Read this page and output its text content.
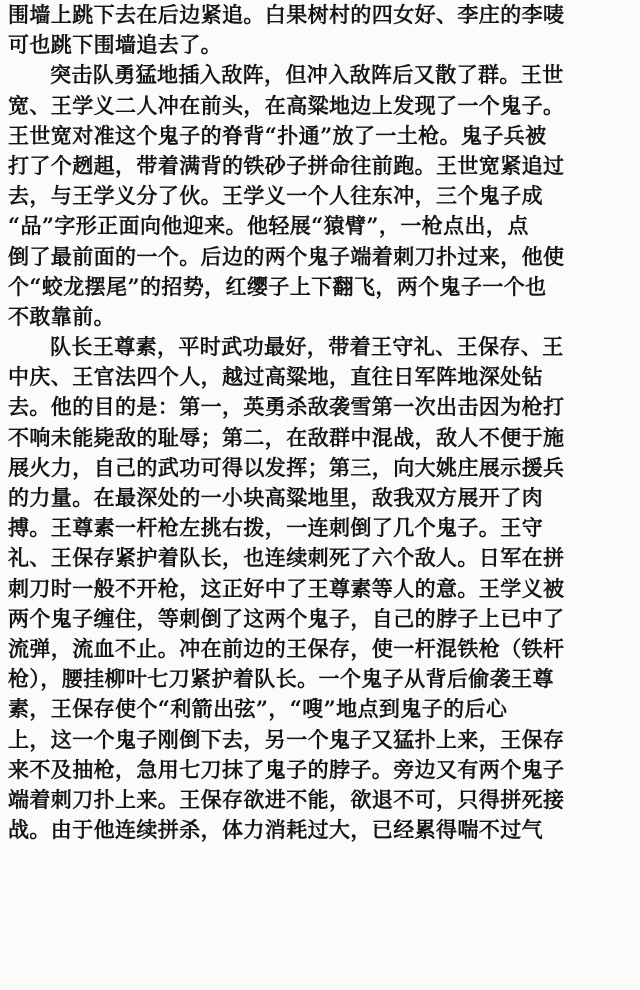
围墙上跳下去在后边紧追。白果树村的四女好、李庄的李唛
可也跳下围墙追去了。
突击队勇猛地插入敌阵，但冲入敌阵后又散了群。王世
宽、王学义二人冲在前头，在高粱地边上发现了一个鬼子。
王世宽对准这个鬼子的脊背“扑通”放了一土枪。鬼子兵被
打了个趔趄，带着满背的铁砂子拼命往前跑。王世宽紧追过
去，与王学义分了伙。王学义一个人往东冲，三个鬼子成
“品”字形正面向他迎来。他轻展“猿臂”，一枪点出，点
倒了最前面的一个。后边的两个鬼子端着刺刀扑过来，他使
个“蛟龙摆尾”的招势，红缨子上下翻飞，两个鬼子一个也
不敢靠前。
队长王尊素，平时武功最好，带着王守礼、王保存、王
中庆、王官法四个人，越过高粱地，直往日军阵地深处钻
去。他的目的是：第一，英勇杀敌袭雪第一次出击因为枪打
不响未能毙敌的耻辱；第二，在敌群中混战，敌人不便于施
展火力，自己的武功可得以发挥；第三，向大姚庄展示援兵
的力量。在最深处的一小块高粱地里，敌我双方展开了肉
搏。王尊素一杆枪左挑右拨，一连刺倒了几个鬼子。王守
礼、王保存紧护着队长，也连续刺死了六个敌人。日军在拼
刺刀时一般不开枪，这正好中了王尊素等人的意。王学义被
两个鬼子缠住，等刺倒了这两个鬼子，自己的脖子上已中了
流弹，流血不止。冲在前边的王保存，使一杆混铁枪（铁杆
枪），腰挂柳叶七刀紧护着队长。一个鬼子从背后偷袭王尊
素，王保存使个“利箭出弦”，“嗖”地点到鬼子的后心
上，这一个鬼子刚倒下去，另一个鬼子又猛扑上来，王保存
来不及抽枪，急用七刀抹了鬼子的脖子。旁边又有两个鬼子
端着刺刀扑上来。王保存欲进不能，欲退不可，只得拼死接
战。由于他连续拼杀，体力消耗过大，已经累得喘不过气
